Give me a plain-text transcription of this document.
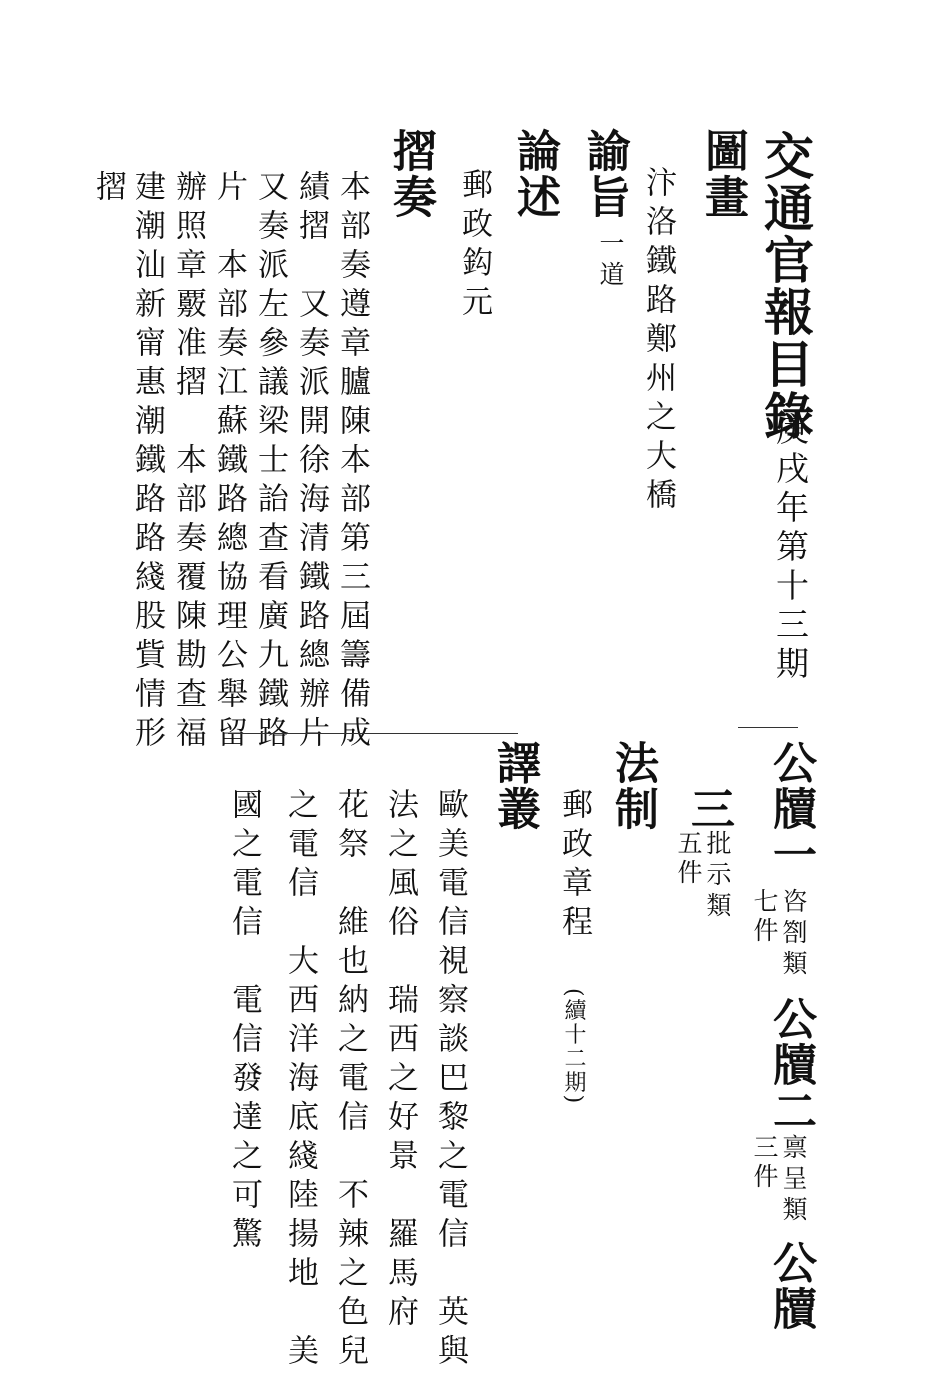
交通官報目錄
庚戌年第十三期
圖畫
汴洛鐵路鄭州之大橋
諭旨
一道
論述
郵政鈎元
摺奏
本部奏遵章臚陳本部第三屆籌備成
績摺　又奏派開徐海清鐵路總辦片
又奏派左參議梁士詒查看廣九鐵路
片　本部奏江蘇鐵路總協理公舉留
辦照章覈准摺　本部奏覆陳勘查福
建潮汕新甯惠潮鐵路路綫股貲情形
摺
公牘一
咨劄類
七件
公牘二
禀呈類
三件
公牘
三
批示類
五件
法制
郵政章程
(續十二期)
譯叢
歐美電信視察談巴黎之電信　英與
法之風俗　瑞西之好景　羅馬府
花祭　維也納之電信　不辣之色兒
之電信　大西洋海底綫陸揚地　美
國之電信　電信發達之可驚
